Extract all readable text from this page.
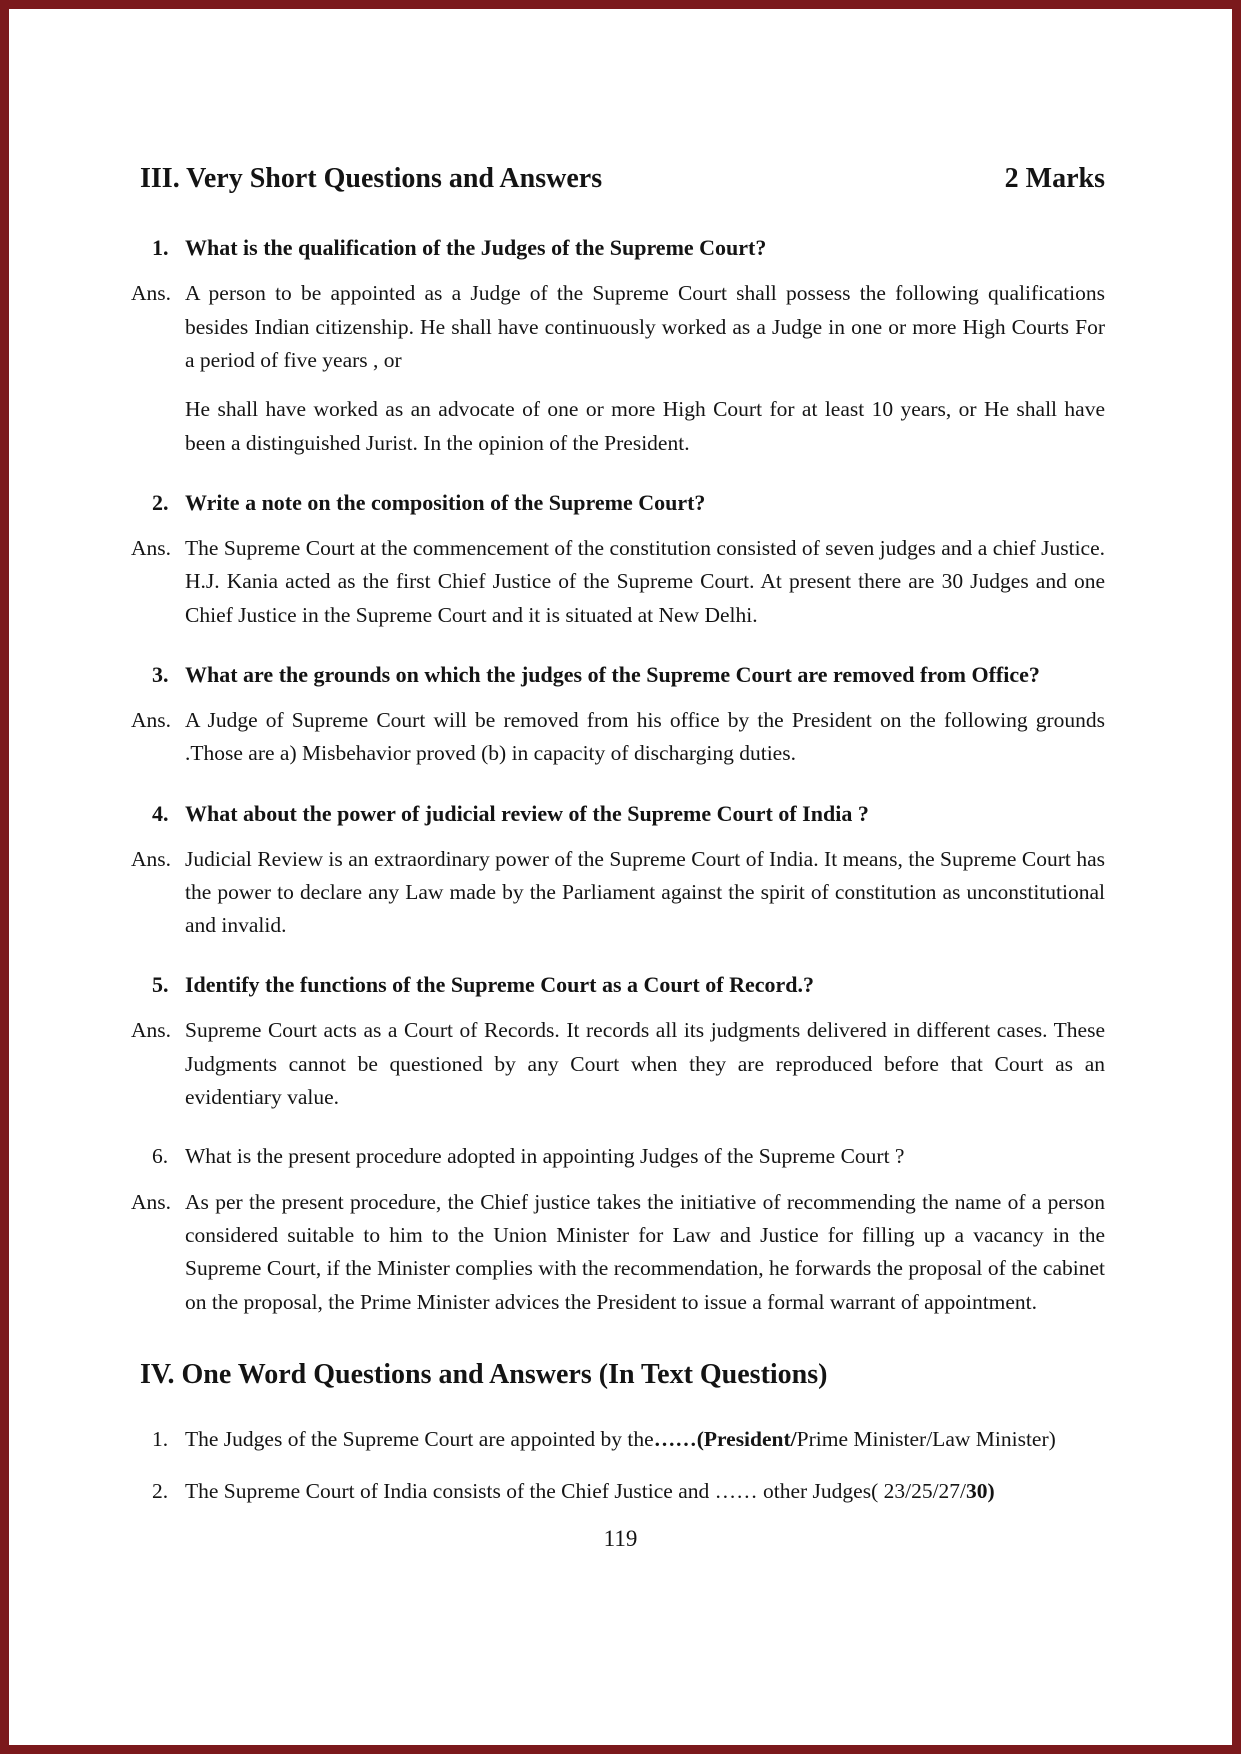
III. Very Short Questions and Answers	2 Marks
1. What is the qualification of the Judges of the Supreme Court?
Ans. A person to be appointed as a Judge of the Supreme Court shall possess the following qualifications besides Indian citizenship. He shall have continuously worked as a Judge in one or more High Courts For a period of five years , or

He shall have worked as an advocate of one or more High Court for at least 10 years, or He shall have been a distinguished Jurist. In the opinion of the President.

2. Write a note on the composition of the Supreme Court?
Ans. The Supreme Court at the commencement of the constitution consisted of seven judges and a chief Justice. H.J. Kania acted as the first Chief Justice of the Supreme Court. At present there are 30 Judges and one Chief Justice in the Supreme Court and it is situated at New Delhi.

3. What are the grounds on which the judges of the Supreme Court are removed from Office?
Ans. A Judge of Supreme Court will be removed from his office by the President on the following grounds .Those are a) Misbehavior proved (b) in capacity of discharging duties.

4. What about the power of judicial review of the Supreme Court of India ?
Ans. Judicial Review is an extraordinary power of the Supreme Court of India. It means, the Supreme Court has the power to declare any Law made by the Parliament against the spirit of constitution as unconstitutional and invalid.

5. Identify the functions of the Supreme Court as a Court of Record.?
Ans. Supreme Court acts as a Court of Records. It records all its judgments delivered in different cases. These Judgments cannot be questioned by any Court when they are reproduced before that Court as an evidentiary value.

6. What is the present procedure adopted in appointing Judges of the Supreme Court ?
Ans. As per the present procedure, the Chief justice takes the initiative of recommending the name of a person considered suitable to him to the Union Minister for Law and Justice for filling up a vacancy in the Supreme Court, if the Minister complies with the recommendation, he forwards the proposal of the cabinet on the proposal, the Prime Minister advices the President to issue a formal warrant of appointment.

IV. One Word Questions and Answers (In Text Questions)
1. The Judges of the Supreme Court are appointed by the……(President/Prime Minister/Law Minister)

2. The Supreme Court of India consists of the Chief Justice and …… other Judges( 23/25/27/30)

119
